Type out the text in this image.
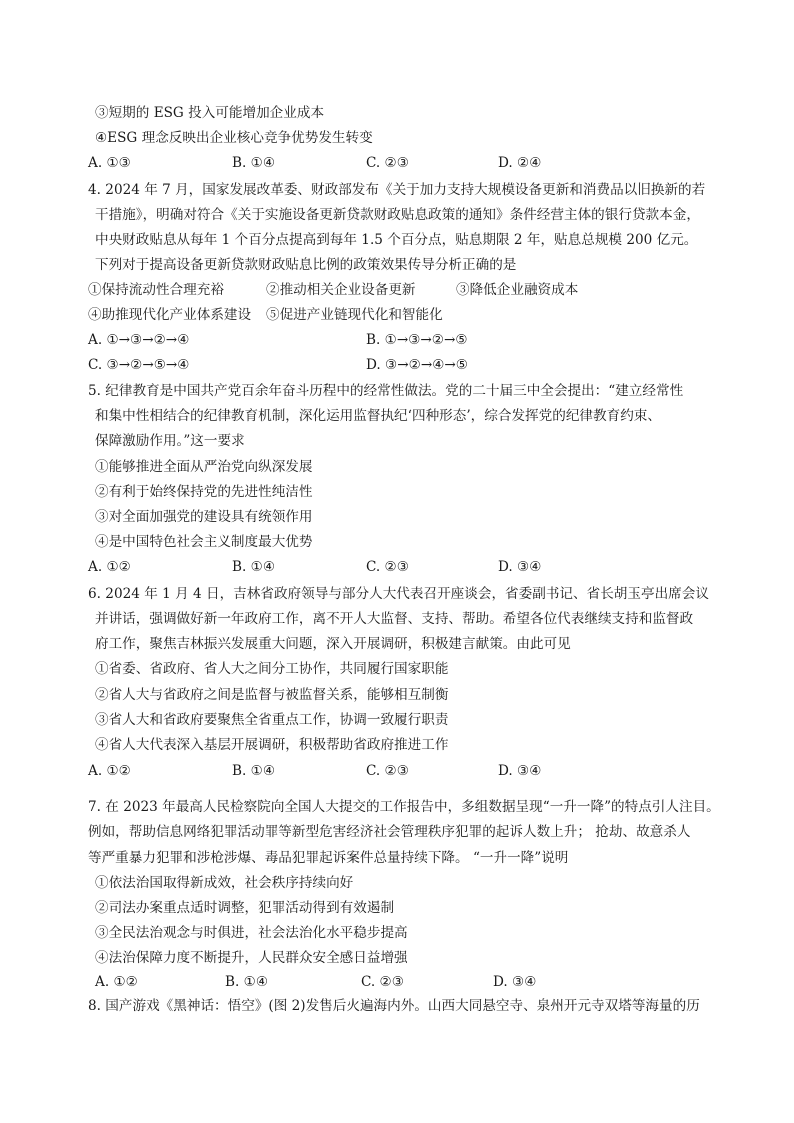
③短期的 ESG 投入可能增加企业成本
④ESG 理念反映出企业核心竞争优势发生转变
A. ①③	B. ①④	C. ②③	D. ②④
4. 2024 年 7 月，国家发展改革委、财政部发布《关于加力支持大规模设备更新和消费品以旧换新的若
干措施》，明确对符合《关于实施设备更新贷款财政贴息政策的通知》条件经营主体的银行贷款本金，
中央财政贴息从每年 1 个百分点提高到每年 1.5 个百分点，贴息期限 2 年，贴息总规模 200 亿元。
下列对于提高设备更新贷款财政贴息比例的政策效果传导分析正确的是
①保持流动性合理充裕	②推动相关企业设备更新	③降低企业融资成本
④助推现代化产业体系建设 ⑤促进产业链现代化和智能化
A. ①→③→②→④	B. ①→③→②→⑤
C. ③→②→⑤→④	D. ③→②→④→⑤
5. 纪律教育是中国共产党百余年奋斗历程中的经常性做法。党的二十届三中全会提出：“建立经常性
和集中性相结合的纪律教育机制，深化运用监督执纪‘四种形态’，综合发挥党的纪律教育约束、
保障激励作用。”这一要求
①能够推进全面从严治党向纵深发展
②有利于始终保持党的先进性纯洁性
③对全面加强党的建设具有统领作用
④是中国特色社会主义制度最大优势
A. ①②	B. ①④	C. ②③	D. ③④
6. 2024 年 1 月 4 日，吉林省政府领导与部分人大代表召开座谈会，省委副书记、省长胡玉亭出席会议
并讲话，强调做好新一年政府工作，离不开人大监督、支持、帮助。希望各位代表继续支持和监督政
府工作，聚焦吉林振兴发展重大问题，深入开展调研，积极建言献策。由此可见
①省委、省政府、省人大之间分工协作，共同履行国家职能
②省人大与省政府之间是监督与被监督关系，能够相互制衡
③省人大和省政府要聚焦全省重点工作，协调一致履行职责
④省人大代表深入基层开展调研，积极帮助省政府推进工作
A. ①②	B. ①④	C. ②③	D. ③④
7. 在 2023 年最高人民检察院向全国人大提交的工作报告中，多组数据呈现“一升一降”的特点引人注目。
例如，帮助信息网络犯罪活动罪等新型危害经济社会管理秩序犯罪的起诉人数上升； 抢劫、故意杀人
等严重暴力犯罪和涉枪涉爆、毒品犯罪起诉案件总量持续下降。 “一升一降”说明
①依法治国取得新成效，社会秩序持续向好
②司法办案重点适时调整，犯罪活动得到有效遏制
③全民法治观念与时俱进，社会法治化水平稳步提高
④法治保障力度不断提升，人民群众安全感日益增强
A. ①②	B. ①④	C. ②③	D. ③④
8. 国产游戏《黑神话：悟空》(图 2)发售后火遍海内外。山西大同悬空寺、泉州开元寺双塔等海量的历
